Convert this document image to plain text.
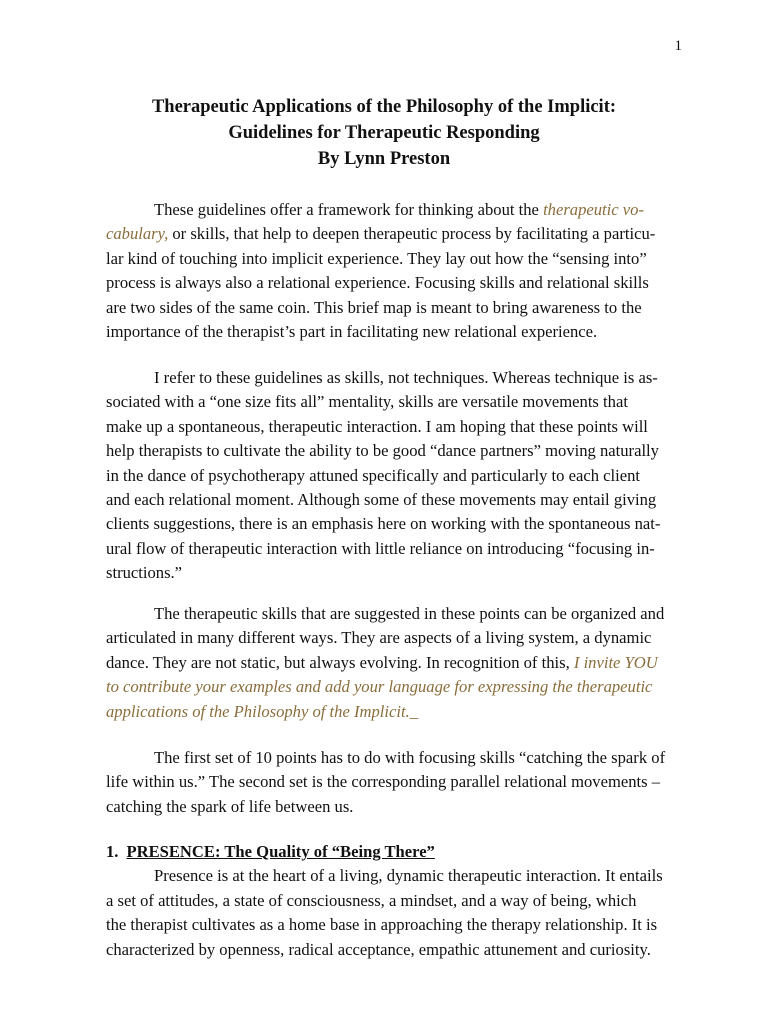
1
Therapeutic Applications of the Philosophy of the Implicit:
Guidelines for Therapeutic Responding
By Lynn Preston
These guidelines offer a framework for thinking about the therapeutic vo-
cabulary, or skills, that help to deepen therapeutic process by facilitating a particu-
lar kind of touching into implicit experience. They lay out how the “sensing into”
process is always also a relational experience. Focusing skills and relational skills
are two sides of the same coin. This brief map is meant to bring awareness to the
importance of the therapist’s part in facilitating new relational experience.
I refer to these guidelines as skills, not techniques. Whereas technique is as-
sociated with a “one size fits all” mentality, skills are versatile movements that
make up a spontaneous, therapeutic interaction. I am hoping that these points will
help therapists to cultivate the ability to be good “dance partners” moving naturally
in the dance of psychotherapy attuned specifically and particularly to each client
and each relational moment. Although some of these movements may entail giving
clients suggestions, there is an emphasis here on working with the spontaneous nat-
ural flow of therapeutic interaction with little reliance on introducing “focusing in-
structions.”
The therapeutic skills that are suggested in these points can be organized and
articulated in many different ways. They are aspects of a living system, a dynamic
dance. They are not static, but always evolving. In recognition of this, I invite YOU
to contribute your examples and add your language for expressing the therapeutic
applications of the Philosophy of the Implicit._
The first set of 10 points has to do with focusing skills “catching the spark of
life within us.” The second set is the corresponding parallel relational movements –
catching the spark of life between us.
1. PRESENCE: The Quality of “Being There”
Presence is at the heart of a living, dynamic therapeutic interaction. It entails
a set of attitudes, a state of consciousness, a mindset, and a way of being, which
the therapist cultivates as a home base in approaching the therapy relationship. It is
characterized by openness, radical acceptance, empathic attunement and curiosity.
